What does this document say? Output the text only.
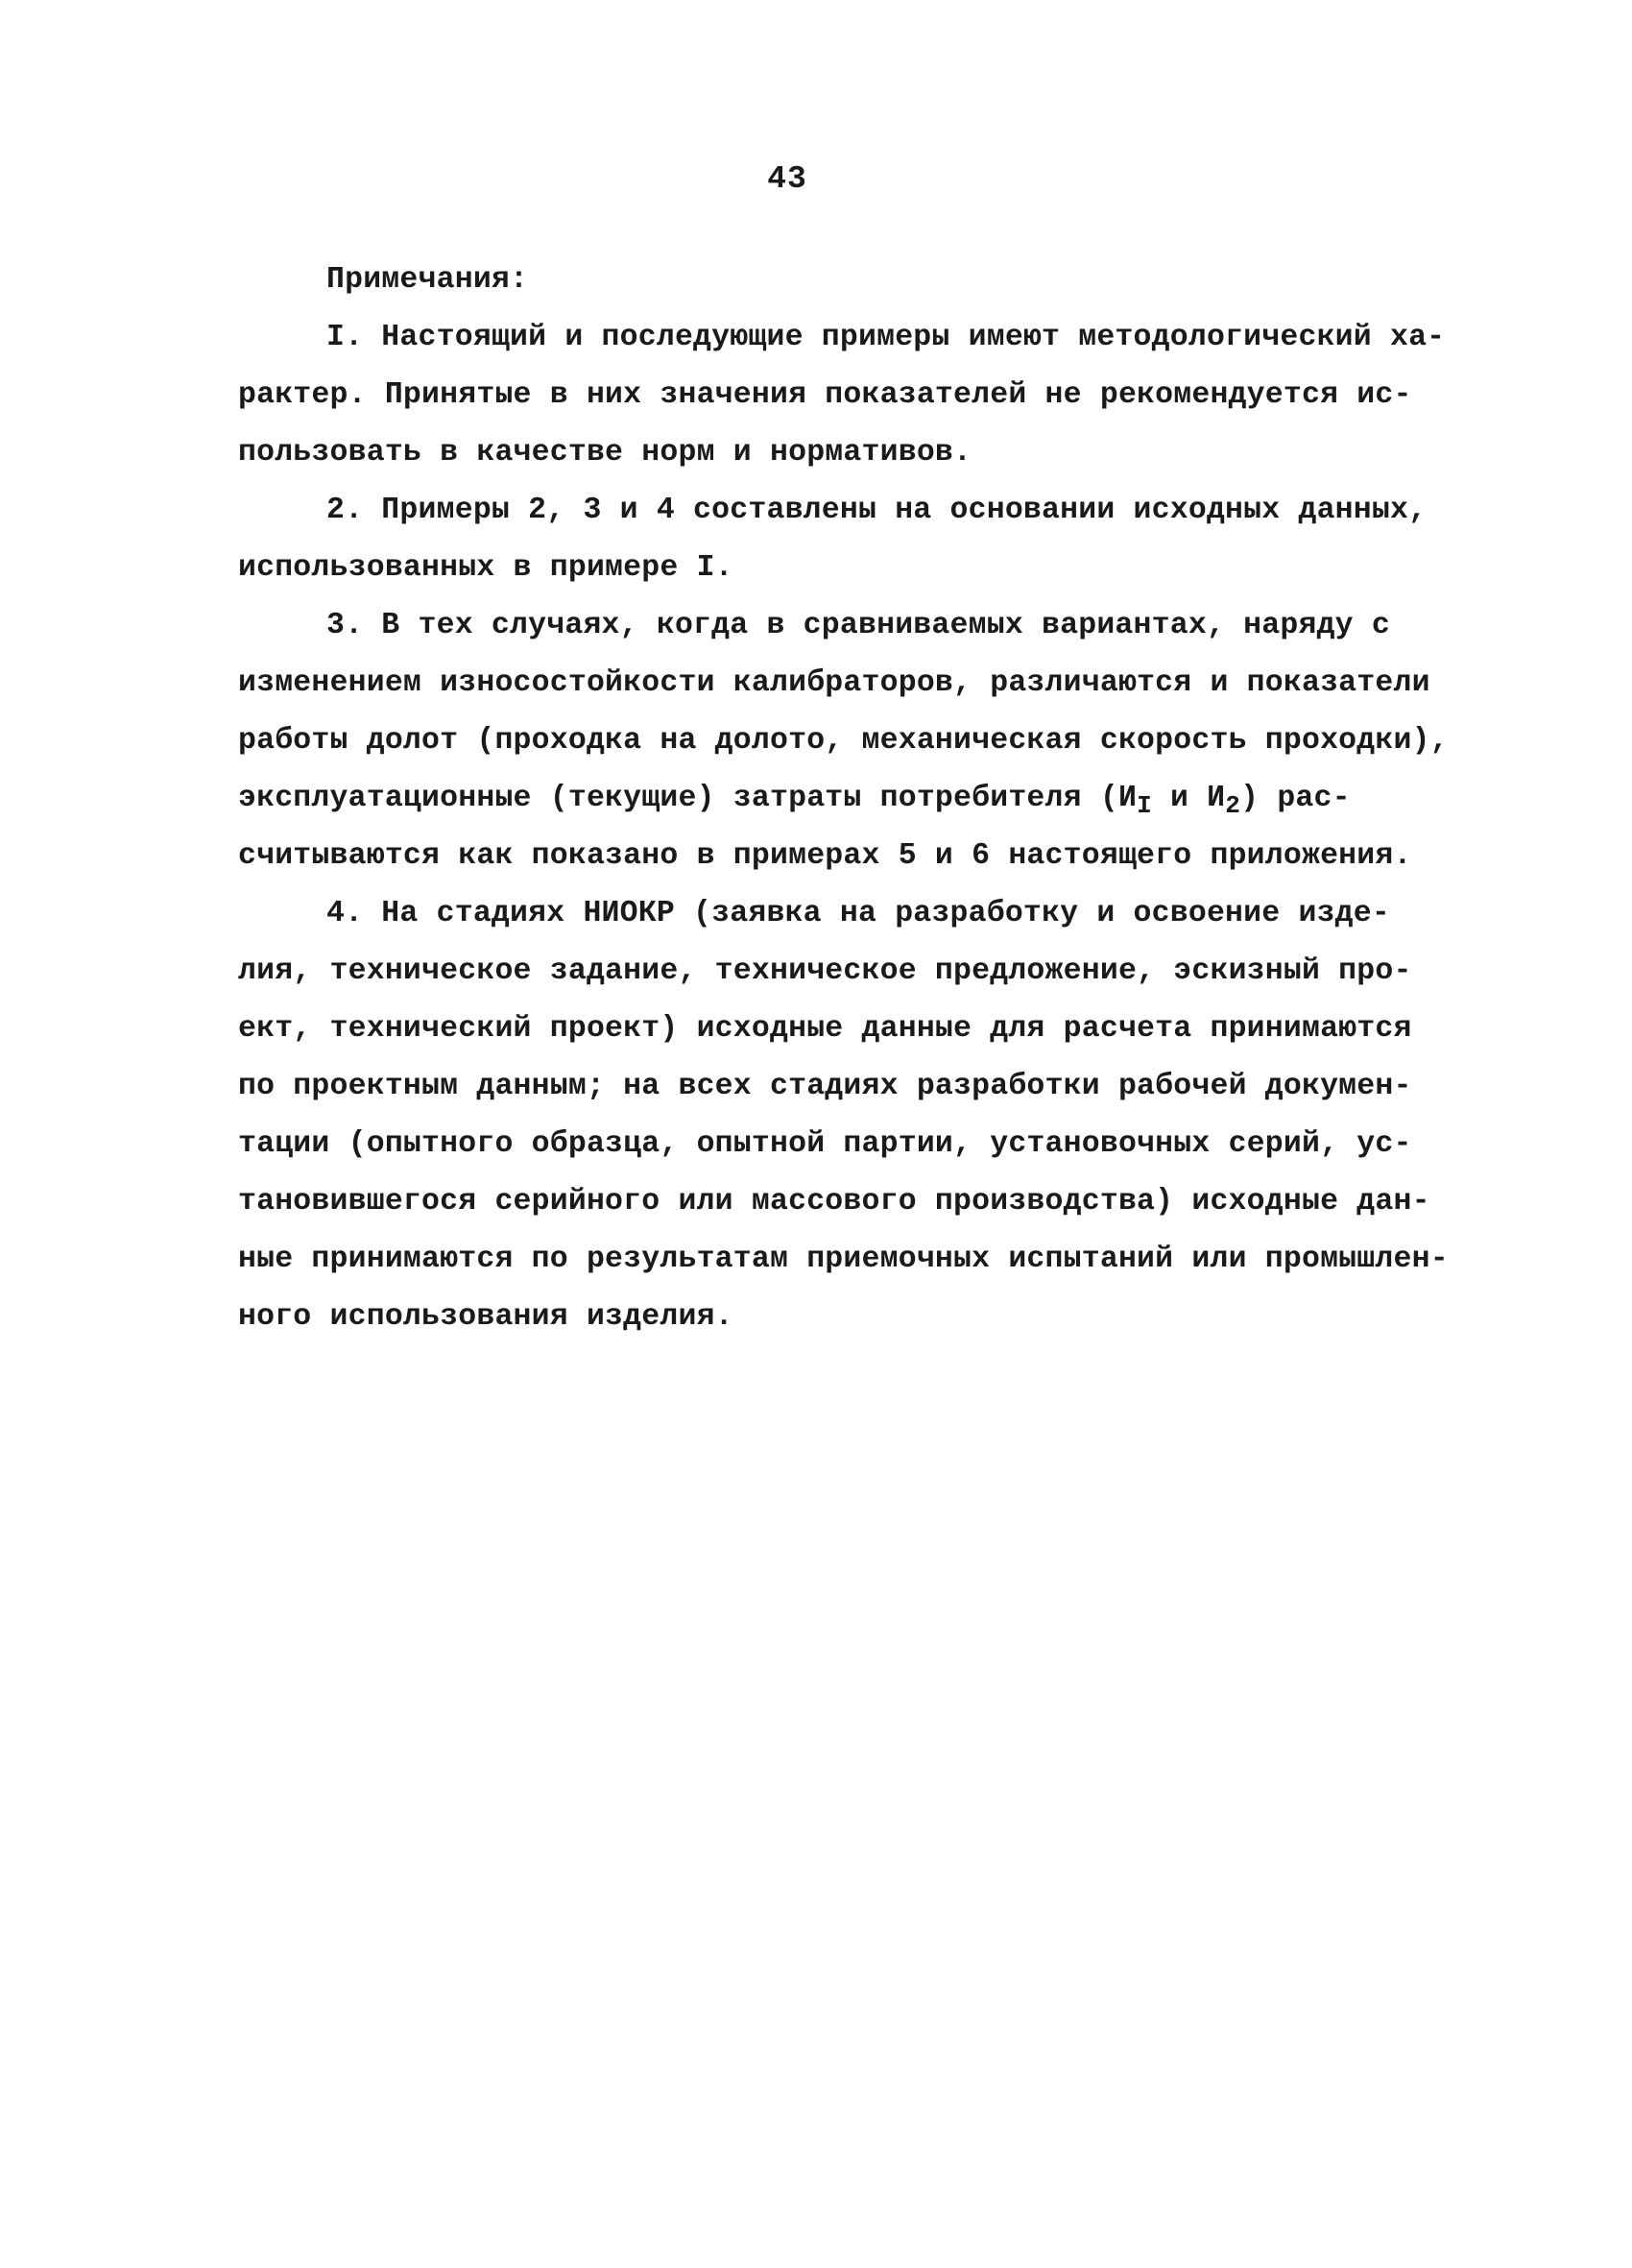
43
Примечания:
I. Настоящий и последующие примеры имеют методологический ха-
рактер. Принятые в них значения показателей не рекомендуется ис-
пользовать в качестве норм и нормативов.
2. Примеры 2, 3 и 4 составлены на основании исходных данных,
использованных в примере I.
3. В тех случаях, когда в сравниваемых вариантах, наряду с
изменением износостойкости калибраторов, различаются и показатели
работы долот (проходка на долото, механическая скорость проходки),
эксплуатационные (текущие) затраты потребителя ($И_I$ и $И_2$) рас-
считываются как показано в примерах 5 и 6 настоящего приложения.
4. На стадиях НИОКР (заявка на разработку и освоение изде-
лия, техническое задание, техническое предложение, эскизный про-
ект, технический проект) исходные данные для расчета принимаются
по проектным данным; на всех стадиях разработки рабочей докумен-
тации (опытного образца, опытной партии, установочных серий, ус-
тановившегося серийного или массового производства) исходные дан-
ные принимаются по результатам приемочных испытаний или промышлен-
ного использования изделия.
